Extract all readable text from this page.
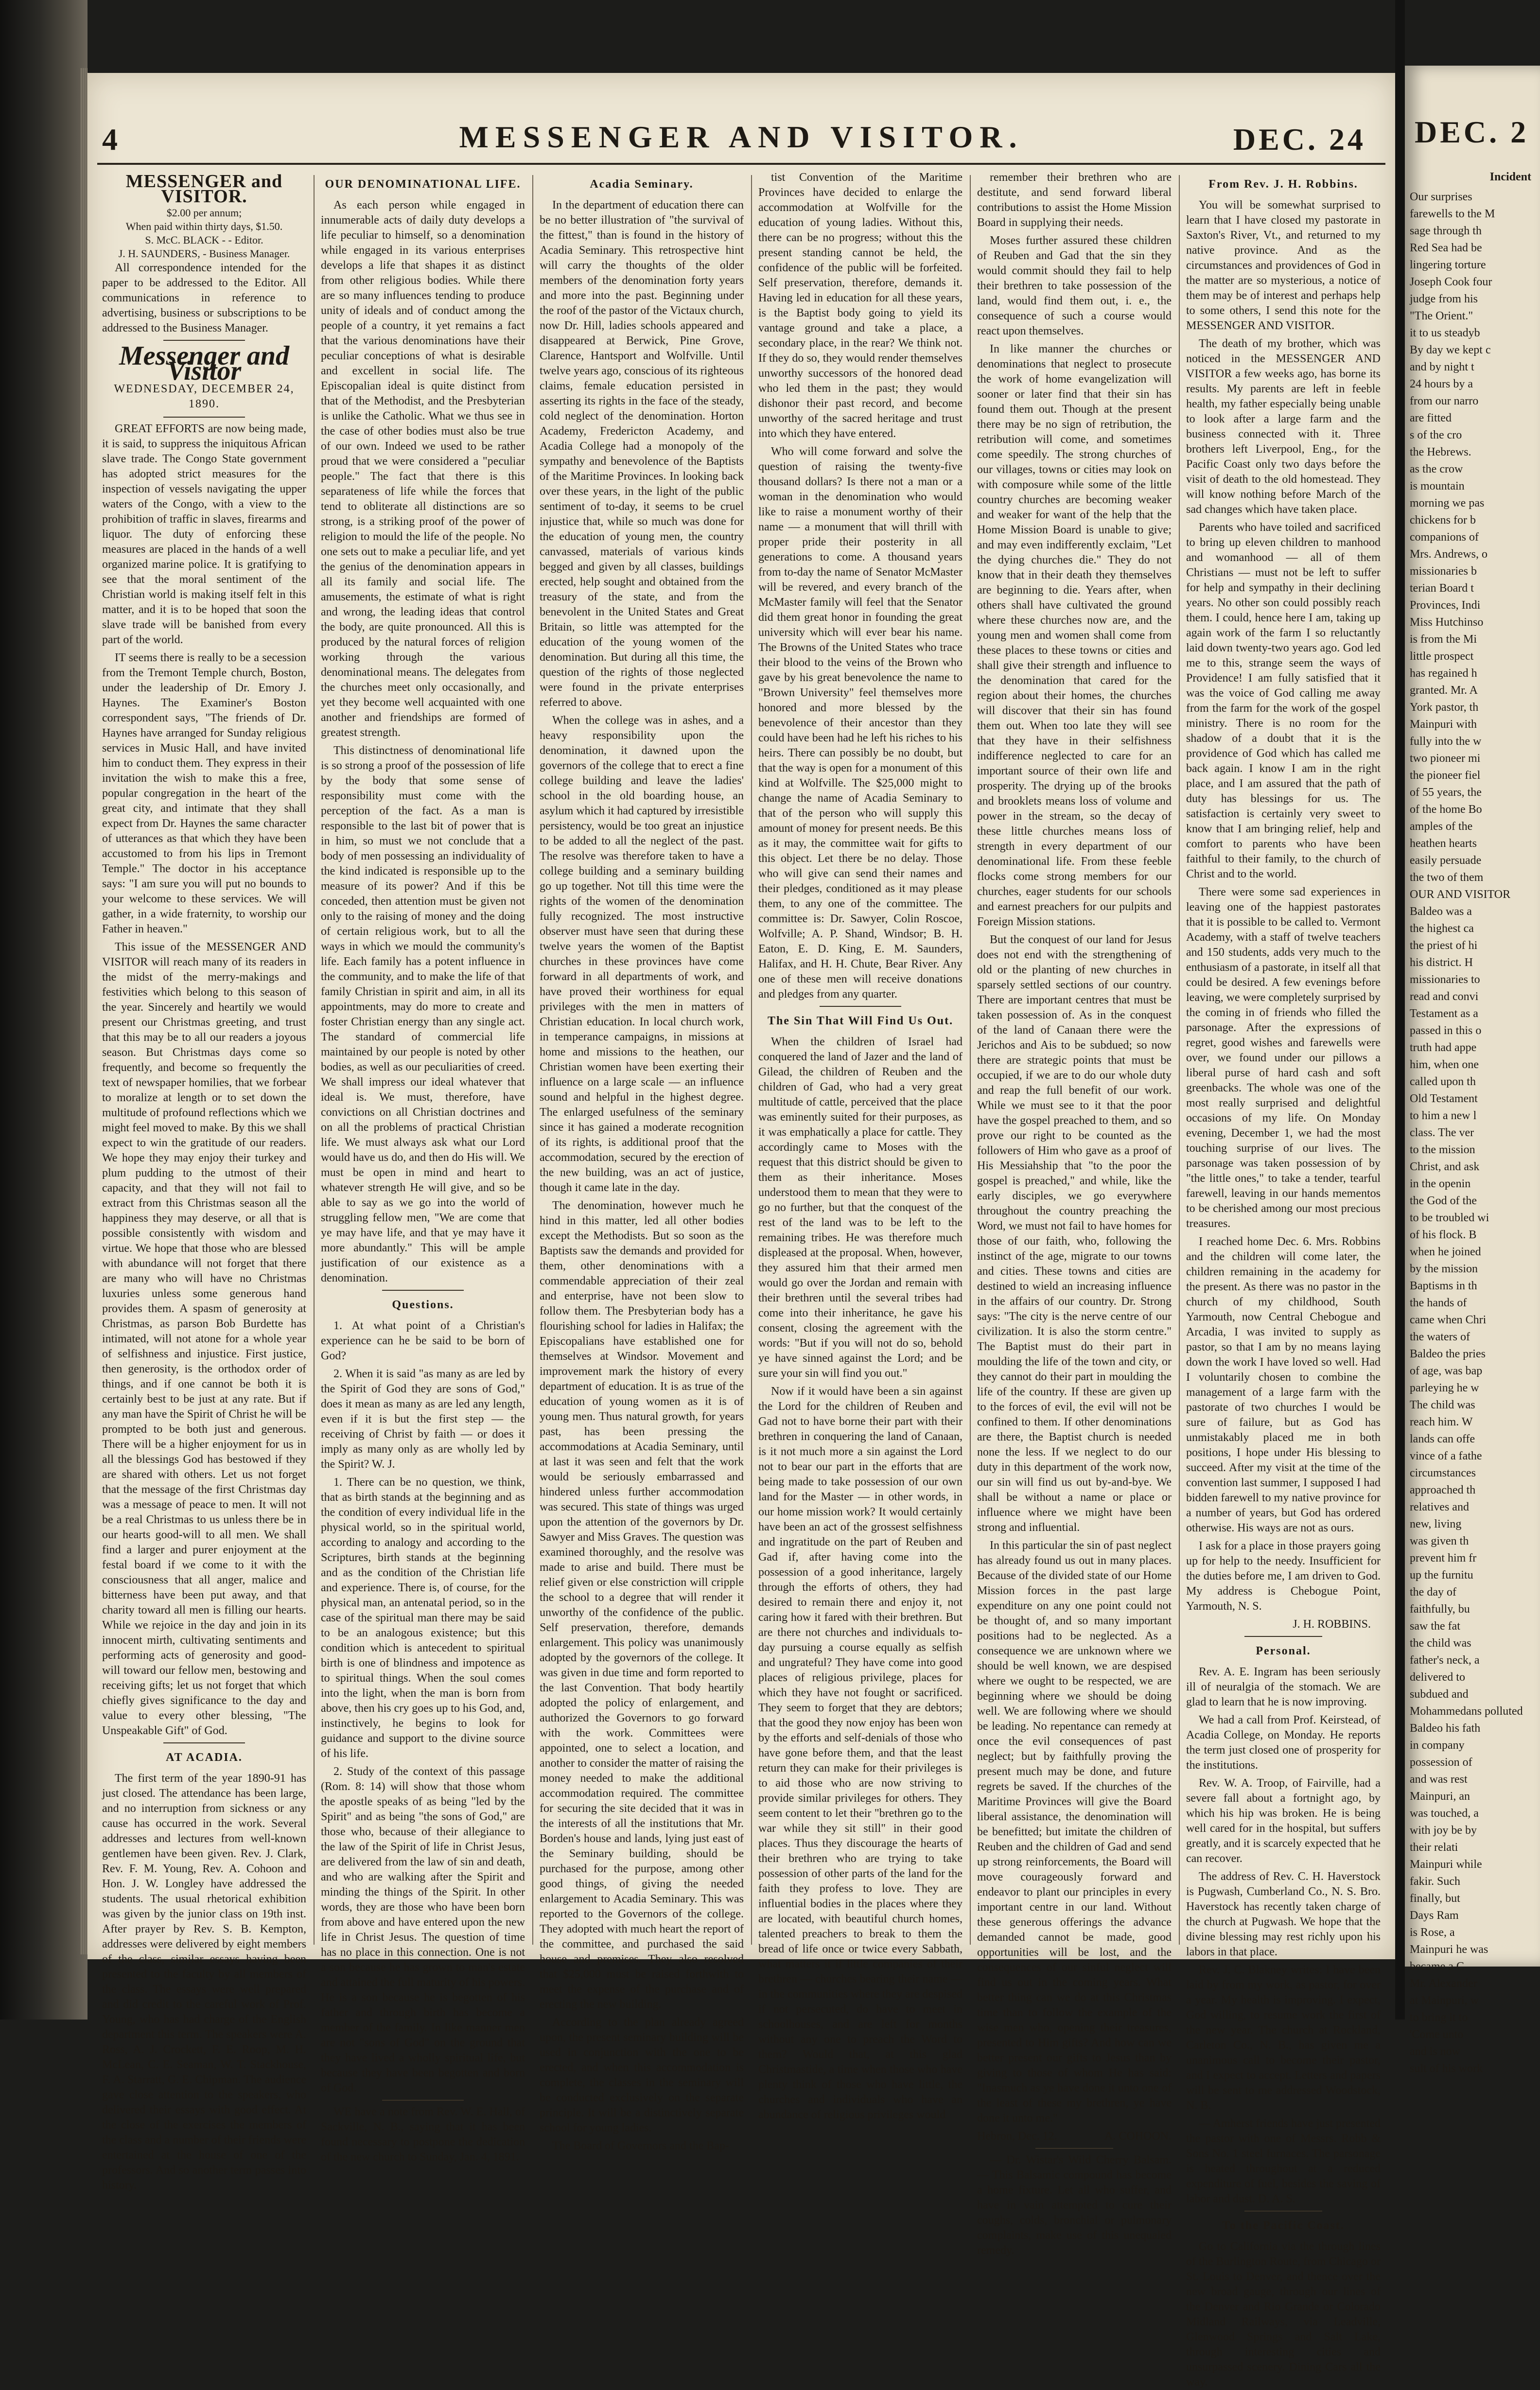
4	MESSENGER AND VISITOR.	DEC. 24
MESSENGER and VISITOR.
$2.00 per annum;
When paid within thirty days, $1.50.
S. McC. BLACK - - Editor.
J. H. SAUNDERS, - Business Manager.

All correspondence intended for the paper to be addressed to the Editor. All communications in reference to advertising, business or subscriptions to be addressed to the Business Manager.

Messenger and Visitor
WEDNESDAY, DECEMBER 24, 1890.

GREAT EFFORTS are now being made, it is said, to suppress the iniquitous African slave trade. The Congo State government has adopted strict measures for the inspection of vessels navigating the upper waters of the Congo, with a view to the prohibition of traffic in slaves, firearms and liquor. The duty of enforcing these measures are placed in the hands of a well organized marine police. It is gratifying to see that the moral sentiment of the Christian world is making itself felt in this matter, and it is to be hoped that soon the slave trade will be banished from every part of the world.

IT seems there is really to be a secession from the Tremont Temple church, Boston, under the leadership of Dr. Emory J. Haynes. The Examiner's Boston correspondent says, "The friends of Dr. Haynes have arranged for Sunday religious services in Music Hall, and have invited him to conduct them. They express in their invitation the wish to make this a free, popular congregation in the heart of the great city, and intimate that they shall expect from Dr. Haynes the same character of utterances as that which they have been accustomed to from his lips in Tremont Temple." The doctor in his acceptance says: "I am sure you will put no bounds to your welcome to these services. We will gather, in a wide fraternity, to worship our Father in heaven."

This issue of the MESSENGER AND VISITOR will reach many of its readers in the midst of the merry-makings and festivities which belong to this season of the year. Sincerely and heartily we would present our Christmas greeting, and trust that this may be to all our readers a joyous season. But Christmas days come so frequently, and become so frequently the text of newspaper homilies, that we forbear to moralize at length or to set down the multitude of profound reflections which we might feel moved to make. By this we shall expect to win the gratitude of our readers. We hope they may enjoy their turkey and plum pudding to the utmost of their capacity, and that they will not fail to extract from this Christmas season all the happiness they may deserve, or all that is possible consistently with wisdom and virtue. We hope that those who are blessed with abundance will not forget that there are many who will have no Christmas luxuries unless some generous hand provides them. A spasm of generosity at Christmas, as parson Bob Burdette has intimated, will not atone for a whole year of selfishness and injustice. First justice, then generosity, is the orthodox order of things, and if one cannot be both it is certainly best to be just at any rate. But if any man have the Spirit of Christ he will be prompted to be both just and generous. There will be a higher enjoyment for us in all the blessings God has bestowed if they are shared with others. Let us not forget that the message of the first Christmas day was a message of peace to men. It will not be a real Christmas to us unless there be in our hearts good-will to all men. We shall find a larger and purer enjoyment at the festal board if we come to it with the consciousness that all anger, malice and bitterness have been put away, and that charity toward all men is filling our hearts. While we rejoice in the day and join in its innocent mirth, cultivating sentiments and performing acts of generosity and good-will toward our fellow men, bestowing and receiving gifts; let us not forget that which chiefly gives significance to the day and value to every other blessing, "The Unspeakable Gift" of God.

AT ACADIA.

The first term of the year 1890-91 has just closed. The attendance has been large, and no interruption from sickness or any cause has occurred in the work. Several addresses and lectures from well-known gentlemen have been given. Rev. J. Clark, Rev. F. M. Young, Rev. A. Cohoon and Hon. J. W. Longley have addressed the students. The usual rhetorical exhibition was given by the junior class on 19th inst. After prayer by Rev. S. B. Kempton, addresses were delivered by eight members of the class, similar essays having been presented to the faculty by all members of the class. The essays were well prepared and did credit to the careful work of Prof. Young, who has had charge of the English department this term. The speakers were A. Ross, A. J. Crockett, F. E. Roop, M. H. McLean, C. E. Seaman, W. T. Stackhouse, F. A. Starratt, G. E. Chipman. The audience gave close attention to the speakers, who delivered their essays with good effect. At the close of the exercises the members of the class and a number of their friends were entertained at the house of one of the professors. And so another term passes into history.

OUR DENOMINATIONAL LIFE.

As each person while engaged in innumerable acts of daily duty develops a life peculiar to himself, so a denomination while engaged in its various enterprises develops a life that shapes it as distinct from other religious bodies. While there are so many influences tending to produce unity of ideals and of conduct among the people of a country, it yet remains a fact that the various denominations have their peculiar conceptions of what is desirable and excellent in social life. The Episcopalian ideal is quite distinct from that of the Methodist, and the Presbyterian is unlike the Catholic. What we thus see in the case of other bodies must also be true of our own. Indeed we used to be rather proud that we were considered a "peculiar people." The fact that there is this separateness of life while the forces that tend to obliterate all distinctions are so strong, is a striking proof of the power of religion to mould the life of the people. No one sets out to make a peculiar life, and yet the genius of the denomination appears in all its family and social life. The amusements, the estimate of what is right and wrong, the leading ideas that control the body, are quite pronounced. All this is produced by the natural forces of religion working through the various denominational means. The delegates from the churches meet only occasionally, and yet they become well acquainted with one another and friendships are formed of greatest strength.

This distinctness of denominational life is so strong a proof of the possession of life by the body that some sense of responsibility must come with the perception of the fact. As a man is responsible to the last bit of power that is in him, so must we not conclude that a body of men possessing an individuality of the kind indicated is responsible up to the measure of its power? And if this be conceded, then attention must be given not only to the raising of money and the doing of certain religious work, but to all the ways in which we mould the community's life. Each family has a potent influence in the community, and to make the life of that family Christian in spirit and aim, in all its appointments, may do more to create and foster Christian energy than any single act. The standard of commercial life maintained by our people is noted by other bodies, as well as our peculiarities of creed. We shall impress our ideal whatever that ideal is. We must, therefore, have convictions on all Christian doctrines and on all the problems of practical Christian life. We must always ask what our Lord would have us do, and then do His will. We must be open in mind and heart to whatever strength He will give, and so be able to say as we go into the world of struggling fellow men, "We are come that ye may have life, and that ye may have it more abundantly." This will be ample justification of our existence as a denomination.

Questions.

1. At what point of a Christian's experience can he be said to be born of God?

2. When it is said "as many as are led by the Spirit of God they are sons of God," does it mean as many as are led any length, even if it is but the first step — the receiving of Christ by faith — or does it imply as many only as are wholly led by the Spirit? W. J.

1. There can be no question, we think, that as birth stands at the beginning and as the condition of every individual life in the physical world, so in the spiritual world, according to analogy and according to the Scriptures, birth stands at the beginning and as the condition of the Christian life and experience. There is, of course, for the physical man, an antenatal period, so in the case of the spiritual man there may be said to be an analogous existence; but this condition which is antecedent to spiritual birth is one of blindness and impotence as to spiritual things. When the soul comes into the light, when the man is born from above, then his cry goes up to his God, and, instinctively, he begins to look for guidance and support to the divine source of his life.

2. Study of the context of this passage (Rom. 8: 14) will show that those whom the apostle speaks of as being "led by the Spirit" and as being "the sons of God," are those who, because of their allegiance to the law of the Spirit of life in Christ Jesus, are delivered from the law of sin and death, and who are walking after the Spirit and minding the things of the Spirit. In other words, they are those who have been born from above and have entered upon the new life in Christ Jesus. The question of time has no place in this connection. One is not a son because he has grown to man's estate and attained the full maturity of his powers. He is a son because he is begotten of his father and through birth has become a member of the family. In like manner men are not "sons of God" on the ground that they have lived a wholly spiritual life, but because they have been begotten and born of God.

WE have a note from Rev. W. E. Hall, of Sackville, N. B., saying that it has been found necessary to postpone the dedication of the new church to Sunday, Jan. 4, 1891.

Acadia Seminary.

In the department of education there can be no better illustration of "the survival of the fittest," than is found in the history of Acadia Seminary. This retrospective hint will carry the thoughts of the older members of the denomination forty years and more into the past. Beginning under the roof of the pastor of the Victaux church, now Dr. Hill, ladies schools appeared and disappeared at Berwick, Pine Grove, Clarence, Hantsport and Wolfville. Until twelve years ago, conscious of its righteous claims, female education persisted in asserting its rights in the face of the steady, cold neglect of the denomination. Horton Academy, Fredericton Academy, and Acadia College had a monopoly of the sympathy and benevolence of the Baptists of the Maritime Provinces. In looking back over these years, in the light of the public sentiment of to-day, it seems to be cruel injustice that, while so much was done for the education of young men, the country canvassed, materials of various kinds begged and given by all classes, buildings erected, help sought and obtained from the treasury of the state, and from the benevolent in the United States and Great Britain, so little was attempted for the education of the young women of the denomination. But during all this time, the question of the rights of those neglected were found in the private enterprises referred to above.

When the college was in ashes, and a heavy responsibility upon the denomination, it dawned upon the governors of the college that to erect a fine college building and leave the ladies' school in the old boarding house, an asylum which it had captured by irresistible persistency, would be too great an injustice to be added to all the neglect of the past. The resolve was therefore taken to have a college building and a seminary building go up together. Not till this time were the rights of the women of the denomination fully recognized. The most instructive observer must have seen that during these twelve years the women of the Baptist churches in these provinces have come forward in all departments of work, and have proved their worthiness for equal privileges with the men in matters of Christian education. In local church work, in temperance campaigns, in missions at home and missions to the heathen, our Christian women have been exerting their influence on a large scale — an influence sound and helpful in the highest degree. The enlarged usefulness of the seminary since it has gained a moderate recognition of its rights, is additional proof that the accommodation, secured by the erection of the new building, was an act of justice, though it came late in the day.

The denomination, however much he hind in this matter, led all other bodies except the Methodists. But so soon as the Baptists saw the demands and provided for them, other denominations with a commendable appreciation of their zeal and enterprise, have not been slow to follow them. The Presbyterian body has a flourishing school for ladies in Halifax; the Episcopalians have established one for themselves at Windsor. Movement and improvement mark the history of every department of education. It is as true of the education of young women as it is of young men. Thus natural growth, for years past, has been pressing the accommodations at Acadia Seminary, until at last it was seen and felt that the work would be seriously embarrassed and hindered unless further accommodation was secured. This state of things was urged upon the attention of the governors by Dr. Sawyer and Miss Graves. The question was examined thoroughly, and the resolve was made to arise and build. There must be relief given or else constriction will cripple the school to a degree that will render it unworthy of the confidence of the public. Self preservation, therefore, demands enlargement. This policy was unanimously adopted by the governors of the college. It was given in due time and form reported to the last Convention. That body heartily adopted the policy of enlargement, and authorized the Governors to go forward with the work. Committees were appointed, one to select a location, and another to consider the matter of raising the money needed to make the additional accommodation required. The committee for securing the site decided that it was in the interests of all the institutions that Mr. Borden's house and lands, lying just east of the Seminary building, should be purchased for the purpose, among other good things, of giving the needed enlargement to Acadia Seminary. This was reported to the Governors of the college. They adopted with much heart the report of the committee, and purchased the said house and premises. They also resolved that $25,000 must be raised forthwith to meet the expense of the purchase and of erecting the new building.

According to the plan already agreed upon, the present seminary building will be used in conjunction with the one to be erected, and when this accommodation is complete, the classes in the seminary will be conducted exclusively on the separate principle. It will be a distinctively separate school for young ladies.

The Board of Governors and the Bap-

tist Convention of the Maritime Provinces have decided to enlarge the accommodation at Wolfville for the education of young ladies. Without this, there can be no progress; without this the present standing cannot be held, the confidence of the public will be forfeited. Self preservation, therefore, demands it. Having led in education for all these years, is the Baptist body going to yield its vantage ground and take a place, a secondary place, in the rear? We think not. If they do so, they would render themselves unworthy successors of the honored dead who led them in the past; they would dishonor their past record, and become unworthy of the sacred heritage and trust into which they have entered.

Who will come forward and solve the question of raising the twenty-five thousand dollars? Is there not a man or a woman in the denomination who would like to raise a monument worthy of their name — a monument that will thrill with proper pride their posterity in all generations to come. A thousand years from to-day the name of Senator McMaster will be revered, and every branch of the McMaster family will feel that the Senator did them great honor in founding the great university which will ever bear his name. The Browns of the United States who trace their blood to the veins of the Brown who gave by his great benevolence the name to "Brown University" feel themselves more honored and more blessed by the benevolence of their ancestor than they could have been had he left his riches to his heirs. There can possibly be no doubt, but that the way is open for a monument of this kind at Wolfville. The $25,000 might to change the name of Acadia Seminary to that of the person who will supply this amount of money for present needs. Be this as it may, the committee wait for gifts to this object. Let there be no delay. Those who will give can send their names and their pledges, conditioned as it may please them, to any one of the committee. The committee is: Dr. Sawyer, Colin Roscoe, Wolfville; A. P. Shand, Windsor; B. H. Eaton, E. D. King, E. M. Saunders, Halifax, and H. H. Chute, Bear River. Any one of these men will receive donations and pledges from any quarter.

The Sin That Will Find Us Out.

When the children of Israel had conquered the land of Jazer and the land of Gilead, the children of Reuben and the children of Gad, who had a very great multitude of cattle, perceived that the place was eminently suited for their purposes, as it was emphatically a place for cattle. They accordingly came to Moses with the request that this district should be given to them as their inheritance. Moses understood them to mean that they were to go no further, but that the conquest of the rest of the land was to be left to the remaining tribes. He was therefore much displeased at the proposal. When, however, they assured him that their armed men would go over the Jordan and remain with their brethren until the several tribes had come into their inheritance, he gave his consent, closing the agreement with the words: "But if you will not do so, behold ye have sinned against the Lord; and be sure your sin will find you out."

Now if it would have been a sin against the Lord for the children of Reuben and Gad not to have borne their part with their brethren in conquering the land of Canaan, is it not much more a sin against the Lord not to bear our part in the efforts that are being made to take possession of our own land for the Master — in other words, in our home mission work? It would certainly have been an act of the grossest selfishness and ingratitude on the part of Reuben and Gad if, after having come into the possession of a good inheritance, largely through the efforts of others, they had desired to remain there and enjoy it, not caring how it fared with their brethren. But are there not churches and individuals to-day pursuing a course equally as selfish and ungrateful? They have come into good places of religious privilege, places for which they have not fought or sacrificed. They seem to forget that they are debtors; that the good they now enjoy has been won by the efforts and self-denials of those who have gone before them, and that the least return they can make for their privileges is to aid those who are now striving to provide similar privileges for others. They seem content to let their "brethren go to the war while they sit still" in their good places. Thus they discourage the hearts of their brethren who are trying to take possession of other parts of the land for the faith they profess to love. They are influential bodies in the places where they are located, with beautiful church homes, talented preachers to break to them the bread of life once or twice every Sabbath, what matters it if little companies of their brethren — churches bearing their name — in the communities where they are despised if not persecuted, do have to meet in schoolhouses, and are left for months without any one to preach the Word to them? Would that, at this glad Christmastide, a time when those who have plenty think of those who have little, the churches and individuals who have an abundance of religious privileges would

remember their brethren who are destitute, and send forward liberal contributions to assist the Home Mission Board in supplying their needs.

Moses further assured these children of Reuben and Gad that the sin they would commit should they fail to help their brethren to take possession of the land, would find them out, i. e., the consequence of such a course would react upon themselves.

In like manner the churches or denominations that neglect to prosecute the work of home evangelization will sooner or later find that their sin has found them out. Though at the present there may be no sign of retribution, the retribution will come, and sometimes come speedily. The strong churches of our villages, towns or cities may look on with composure while some of the little country churches are becoming weaker and weaker for want of the help that the Home Mission Board is unable to give; and may even indifferently exclaim, "Let the dying churches die." They do not know that in their death they themselves are beginning to die. Years after, when others shall have cultivated the ground where these churches now are, and the young men and women shall come from these places to these towns or cities and shall give their strength and influence to the denomination that cared for the region about their homes, the churches will discover that their sin has found them out. When too late they will see that they have in their selfishness indifference neglected to care for an important source of their own life and prosperity. The drying up of the brooks and brooklets means loss of volume and power in the stream, so the decay of these little churches means loss of strength in every department of our denominational life. From these feeble flocks come strong members for our churches, eager students for our schools and earnest preachers for our pulpits and Foreign Mission stations.

But the conquest of our land for Jesus does not end with the strengthening of old or the planting of new churches in sparsely settled sections of our country. There are important centres that must be taken possession of. As in the conquest of the land of Canaan there were the Jerichos and Ais to be subdued; so now there are strategic points that must be occupied, if we are to do our whole duty and reap the full benefit of our work. While we must see to it that the poor have the gospel preached to them, and so prove our right to be counted as the followers of Him who gave as a proof of His Messiahship that "to the poor the gospel is preached," and while, like the early disciples, we go everywhere throughout the country preaching the Word, we must not fail to have homes for those of our faith, who, following the instinct of the age, migrate to our towns and cities. These towns and cities are destined to wield an increasing influence in the affairs of our country. Dr. Strong says: "The city is the nerve centre of our civilization. It is also the storm centre." The Baptist must do their part in moulding the life of the town and city, or they cannot do their part in moulding the life of the country. If these are given up to the forces of evil, the evil will not be confined to them. If other denominations are there, the Baptist church is needed none the less. If we neglect to do our duty in this department of the work now, our sin will find us out by-and-bye. We shall be without a name or place or influence where we might have been strong and influential.

In this particular the sin of past neglect has already found us out in many places. Because of the divided state of our Home Mission forces in the past large expenditure on any one point could not be thought of, and so many important positions had to be neglected. As a consequence we are unknown where we should be well known, we are despised where we ought to be respected, we are beginning where we should be doing well. We are following where we should be leading. No repentance can remedy at once the evil consequences of past neglect; but by faithfully proving the present much may be done, and future regrets be saved. If the churches of the Maritime Provinces will give the Board liberal assistance, the denomination will be benefitted; but imitate the children of Reuben and the children of Gad and send up strong reinforcements, the Board will move courageously forward and endeavor to plant our principles in every important centre in our land. Without these generous offerings the advance demanded cannot be made, good opportunities will be lost, and the consequences of our sinful neglect will find us out in the coming years. What better thing can we do at this Christmas time than to follow the example of the wise men who, opening their treasures, presented to Him gifts? And how can we better present our gifts to Jesus than by giving to those of whom He has said: "Inasmuch as ye have done it unto one of the least of these my brethren, ye have done it unto me."

Hebron, Dec. 12.	A. COHOON.

— Dr. Wistar's Wild Cherry Balsam. — This Balsamic compound has become a home fixture. Let all who suffer, and have in vain attempted to cure their coughs, colds, bronchial or pulmonary complaints, make use of this unequaled remedy.

From Rev. J. H. Robbins.

You will be somewhat surprised to learn that I have closed my pastorate in Saxton's River, Vt., and returned to my native province. And as the circumstances and providences of God in the matter are so mysterious, a notice of them may be of interest and perhaps help to some others, I send this note for the MESSENGER AND VISITOR.

The death of my brother, which was noticed in the MESSENGER AND VISITOR a few weeks ago, has borne its results. My parents are left in feeble health, my father especially being unable to look after a large farm and the business connected with it. Three brothers left Liverpool, Eng., for the Pacific Coast only two days before the visit of death to the old homestead. They will know nothing before March of the sad changes which have taken place.

Parents who have toiled and sacrificed to bring up eleven children to manhood and womanhood — all of them Christians — must not be left to suffer for help and sympathy in their declining years. No other son could possibly reach them. I could, hence here I am, taking up again work of the farm I so reluctantly laid down twenty-two years ago. God led me to this, strange seem the ways of Providence! I am fully satisfied that it was the voice of God calling me away from the farm for the work of the gospel ministry. There is no room for the shadow of a doubt that it is the providence of God which has called me back again. I know I am in the right place, and I am assured that the path of duty has blessings for us. The satisfaction is certainly very sweet to know that I am bringing relief, help and comfort to parents who have been faithful to their family, to the church of Christ and to the world.

There were some sad experiences in leaving one of the happiest pastorates that it is possible to be called to. Vermont Academy, with a staff of twelve teachers and 150 students, adds very much to the enthusiasm of a pastorate, in itself all that could be desired. A few evenings before leaving, we were completely surprised by the coming in of friends who filled the parsonage. After the expressions of regret, good wishes and farewells were over, we found under our pillows a liberal purse of hard cash and soft greenbacks. The whole was one of the most really surprised and delightful occasions of my life. On Monday evening, December 1, we had the most touching surprise of our lives. The parsonage was taken possession of by "the little ones," to take a tender, tearful farewell, leaving in our hands mementos to be cherished among our most precious treasures.

I reached home Dec. 6. Mrs. Robbins and the children will come later, the children remaining in the academy for the present. As there was no pastor in the church of my childhood, South Yarmouth, now Central Chebogue and Arcadia, I was invited to supply as pastor, so that I am by no means laying down the work I have loved so well. Had I voluntarily chosen to combine the management of a large farm with the pastorate of two churches I would be sure of failure, but as God has unmistakably placed me in both positions, I hope under His blessing to succeed. After my visit at the time of the convention last summer, I supposed I had bidden farewell to my native province for a number of years, but God has ordered otherwise. His ways are not as ours.

I ask for a place in those prayers going up for help to the needy. Insufficient for the duties before me, I am driven to God. My address is Chebogue Point, Yarmouth, N. S.

J. H. ROBBINS.
Personal.

Rev. A. E. Ingram has been seriously ill of neuralgia of the stomach. We are glad to learn that he is now improving.

We had a call from Prof. Keirstead, of Acadia College, on Monday. He reports the term just closed one of prosperity for the institutions.

Rev. W. A. Troop, of Fairville, had a severe fall about a fortnight ago, by which his hip was broken. He is being well cared for in the hospital, but suffers greatly, and it is scarcely expected that he can recover.

The address of Rev. C. H. Haverstock is Pugwash, Cumberland Co., N. S. Bro. Haverstock has recently taken charge of the church at Pugwash. We hope that the divine blessing may rest richly upon his labors in that place.

Rev. J. C. Blakney writes: I have been laid by from my work, as pastor, for over a year. My health is improving. I expect, God willing, to resume work the first of the new year. The church at Rockland, Carleton Co., N. B., has given me a unanimous call to become their pastor, and I expect to accept. Letters and papers will be sent to me addressed Woodstock, N. B.

— Amherst friends have just presented the pastor with one of Messrs. Robb & Sons No. 1 steel furnaces. The parsonage is heated throughout at a reduced expenditure of fuel, besides the saving of labor and dust. D. A. S.

To the Pacific Coast.

Go to California via the through lines of the Burlington Route, from Chicago or St. Louis to Denver, and thence over the new broad gauge, through our lines of the Denver and Rio Grande or Colorado Midland Railways, via Leadville, Glenwood Springs and Salt Lake, through interesting cities and unsurpassed scenery. Dining Cars all the way.

DEC. 2
Incident

Our surprises

farewells to the M

sage through th

Red Sea had be

lingering torture

Joseph Cook four

judge from his

"The Orient."

it to us steadyb

By day we kept c

and by night t

24 hours by a

from our narro

are fitted

s of the cro

the Hebrews.

as the crow

is mountain

morning we pas

chickens for b

companions of

Mrs. Andrews, o

missionaries b

terian Board t

Provinces, Indi

Miss Hutchinso

is from the Mi

little prospect

has regained h

granted. Mr. A

York pastor, th

Mainpuri with

fully into the w

two pioneer mi

the pioneer fiel

of 55 years, the

of the home Bo

amples of the

heathen hearts

easily persuade

the two of them

OUR AND VISITOR

Baldeo was a

the highest ca

the priest of hi

his district. H

missionaries to

read and convi

Testament as a

passed in this o

truth had appe

him, when one

called upon th

Old Testament

to him a new l

class. The ver

to the mission

Christ, and ask

in the openin

the God of the

to be troubled wi

of his flock. B

when he joined

by the mission

Baptisms in th

the hands of

came when Chri

the waters of

Baldeo the pries

of age, was bap

parleying he w

The child was

reach him. W

lands can offe

vince of a fathe

circumstances

approached th

relatives and

new, living

was given th

prevent him fr

up the furnitu

the day of

faithfully, bu

saw the fat

the child was

father's neck, a

delivered to

subdued and

Mohammedans polluted

Baldeo his fath

in company

possession of

and was rest

Mainpuri, an

was touched, a

with joy be by

their relati

Mainpuri while

fakir. Such

finally, but

Days Ram

is Rose, a

Mainpuri he was

became a C

Mr. Alexander

at Mainpuri, w

to bring it to

'Come unto

and is now

sult of his work
